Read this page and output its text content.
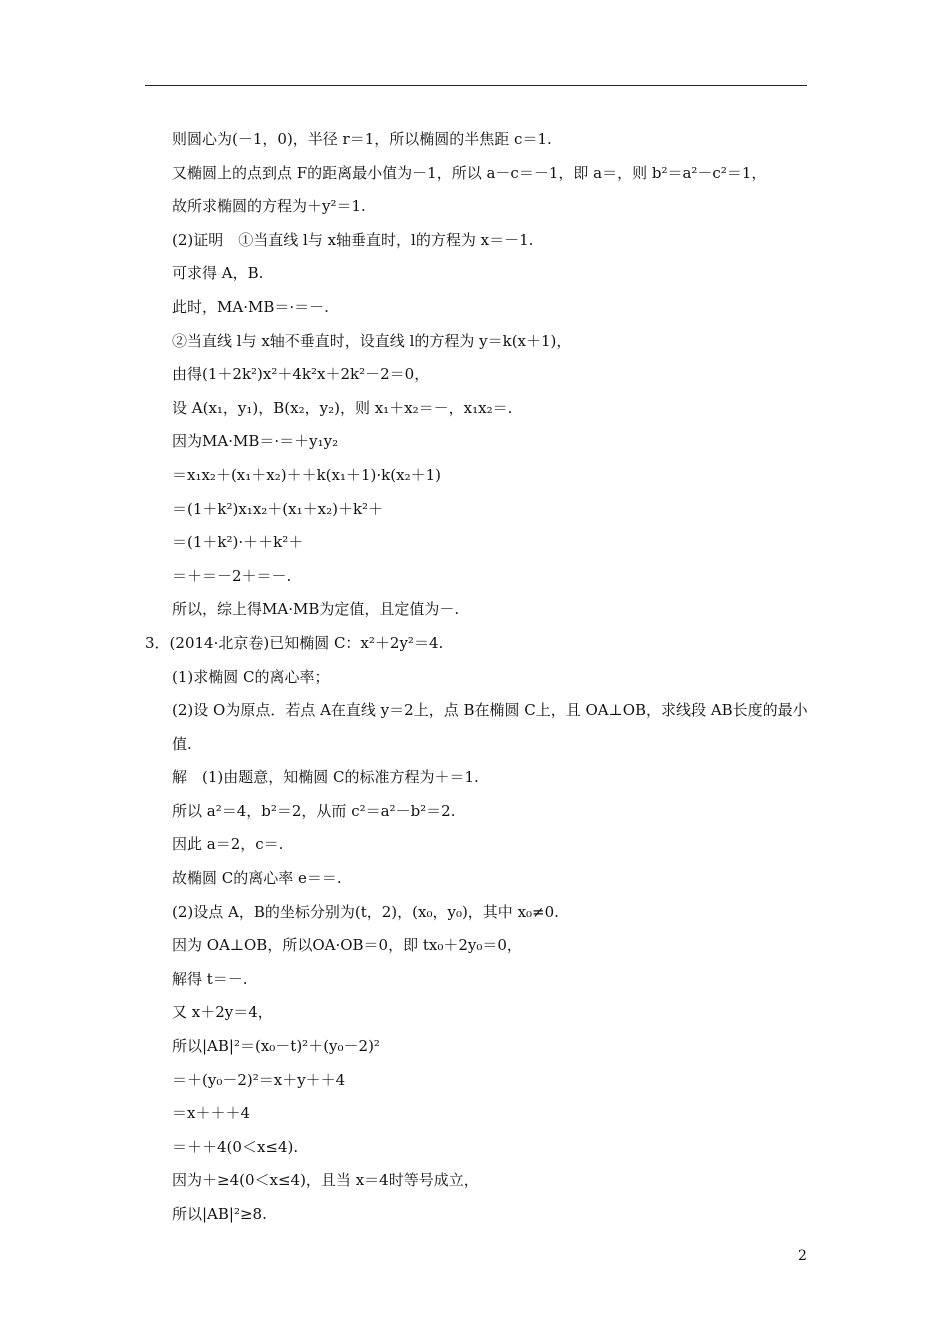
则圆心为(－1，0)，半径 r＝1，所以椭圆的半焦距 c＝1.
又椭圆上的点到点 F的距离最小值为－1，所以 a－c＝－1，即 a＝，则 b²＝a²－c²＝1，
故所求椭圆的方程为＋y²＝1.
(2)证明　①当直线 l与 x轴垂直时，l的方程为 x＝－1.
可求得 A，B.
此时，MA·MB＝·＝－.
②当直线 l与 x轴不垂直时，设直线 l的方程为 y＝k(x＋1)，
由得(1＋2k²)x²＋4k²x＋2k²－2＝0，
设 A(x₁，y₁)，B(x₂，y₂)，则 x₁＋x₂＝－，x₁x₂＝.
因为MA·MB＝·＝＋y₁y₂
＝x₁x₂＋(x₁＋x₂)＋＋k(x₁＋1)·k(x₂＋1)
＝(1＋k²)x₁x₂＋(x₁＋x₂)＋k²＋
＝(1＋k²)·＋＋k²＋
＝＋＝－2＋＝－.
所以，综上得MA·MB为定值，且定值为－.
3．(2014·北京卷)已知椭圆 C：x²＋2y²＝4.
(1)求椭圆 C的离心率；
(2)设 O为原点．若点 A在直线 y＝2上，点 B在椭圆 C上，且 OA⊥OB，求线段 AB长度的最小值.
解　(1)由题意，知椭圆 C的标准方程为＋＝1.
所以 a²＝4，b²＝2，从而 c²＝a²－b²＝2.
因此 a＝2，c＝.
故椭圆 C的离心率 e＝＝.
(2)设点 A，B的坐标分别为(t，2)，(x₀，y₀)，其中 x₀≠0.
因为 OA⊥OB，所以OA·OB＝0，即 tx₀＋2y₀＝0，
解得 t＝－.
又 x＋2y＝4，
所以|AB|²＝(x₀－t)²＋(y₀－2)²
＝＋(y₀－2)²＝x＋y＋＋4
＝x＋＋＋4
＝＋＋4(0＜x≤4).
因为＋≥4(0＜x≤4)，且当 x＝4时等号成立，
所以|AB|²≥8.
2
